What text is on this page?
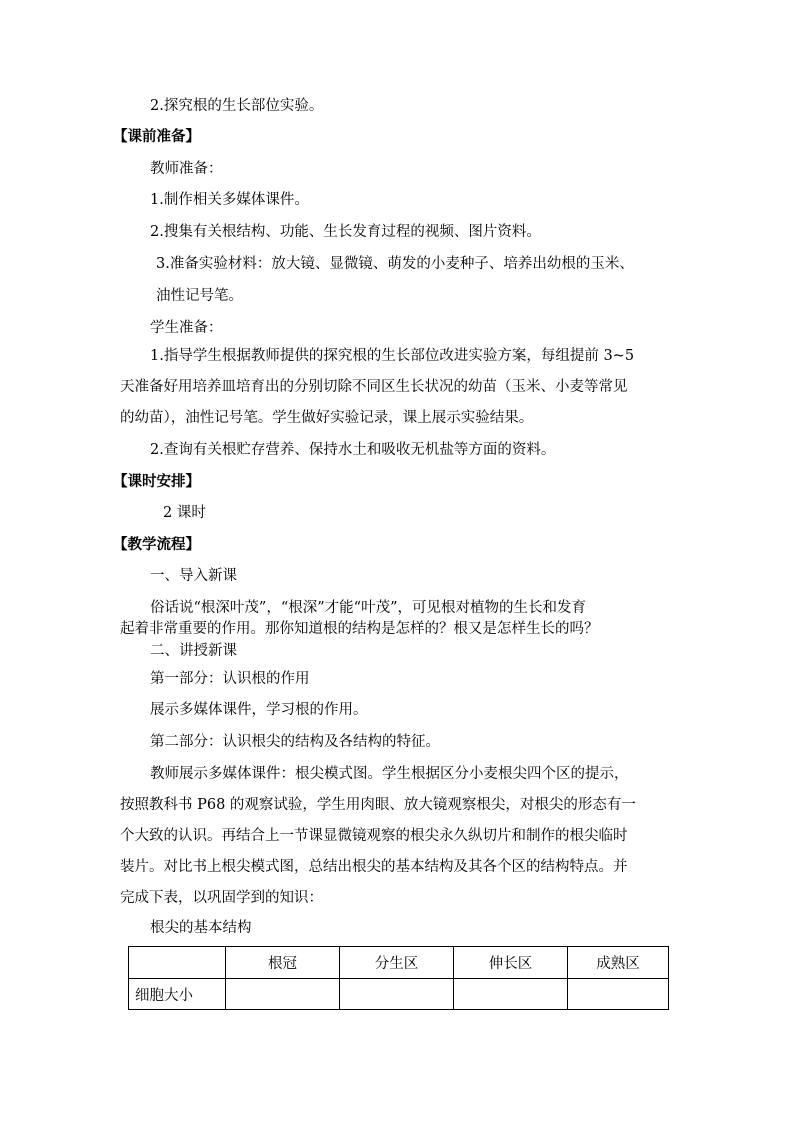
2.探究根的生长部位实验。
【课前准备】
教师准备：
1.制作相关多媒体课件。
2.搜集有关根结构、功能、生长发育过程的视频、图片资料。
3.准备实验材料：放大镜、显微镜、萌发的小麦种子、培养出幼根的玉米、
油性记号笔。
学生准备：
1.指导学生根据教师提供的探究根的生长部位改进实验方案，每组提前 3~5
天准备好用培养皿培育出的分别切除不同区生长状况的幼苗（玉米、小麦等常见
的幼苗），油性记号笔。学生做好实验记录，课上展示实验结果。
2.查询有关根贮存营养、保持水土和吸收无机盐等方面的资料。
【课时安排】
2 课时
【教学流程】
一、导入新课
俗话说“根深叶茂”，“根深”才能“叶茂”，可见根对植物的生长和发育
起着非常重要的作用。那你知道根的结构是怎样的？根又是怎样生长的吗？
二、讲授新课
第一部分：认识根的作用
展示多媒体课件，学习根的作用。
第二部分：认识根尖的结构及各结构的特征。
教师展示多媒体课件：根尖模式图。学生根据区分小麦根尖四个区的提示，
按照教科书 P68 的观察试验，学生用肉眼、放大镜观察根尖，对根尖的形态有一
个大致的认识。再结合上一节课显微镜观察的根尖永久纵切片和制作的根尖临时
装片。对比书上根尖模式图，总结出根尖的基本结构及其各个区的结构特点。并
完成下表，以巩固学到的知识：
根尖的基本结构
	根冠	分生区	伸长区	成熟区
细胞大小				
